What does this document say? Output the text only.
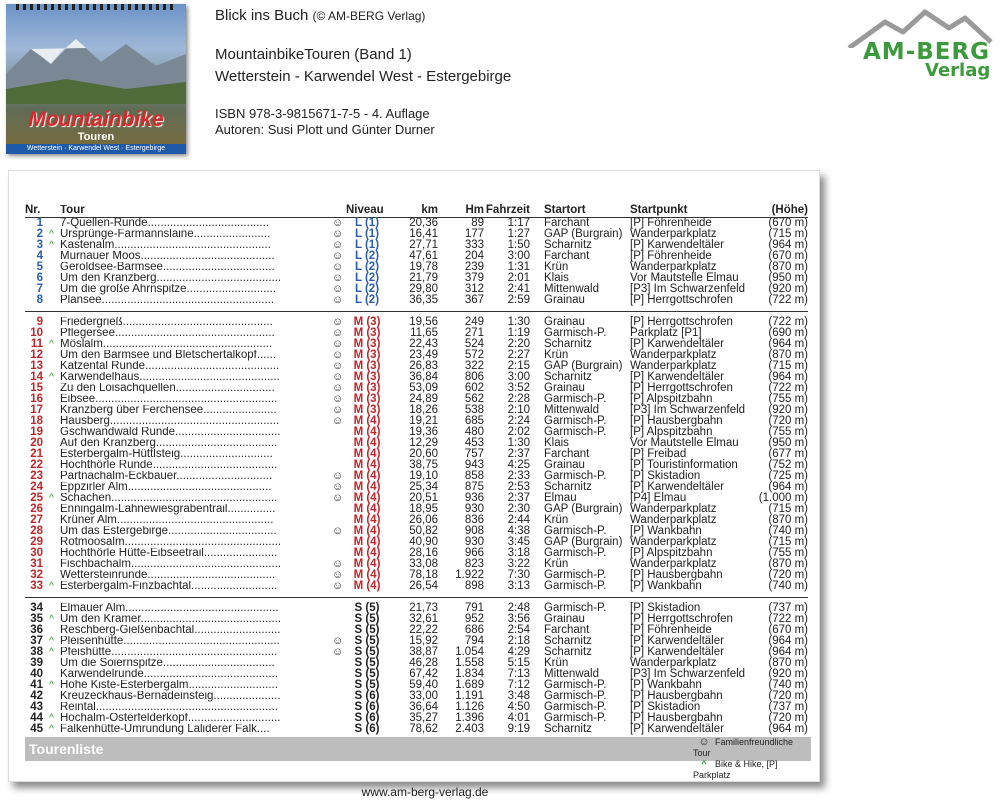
Mountainbike
Touren
Wetterstein · Karwendel West · Estergebirge
Blick ins Buch (© AM-BERG Verlag)
MountainbikeTouren (Band 1)
Wetterstein - Karwendel West - Estergebirge
ISBN 978-3-9815671-7-5 - 4. Auflage
Autoren: Susi Plott und Günter Durner
AM-BERG
Verlag
Nr.		Tour		Niveau	km	Hm	Fahrzeit		Startort	Startpunkt	(Höhe)
1		7-Quellen-Runde......................................	☺	L (1)	20,36	89	1:17		Farchant	[P] Föhrenheide	(670 m)
2	^	Ursprünge-Farmannslaine........................	☺	L (1)	16,41	177	1:27		GAP (Burgrain)	Wanderparkplatz	(715 m)
3	^	Kastenalm.................................................	☺	L (1)	27,71	333	1:50		Scharnitz	[P] Karwendeltäler	(964 m)
4		Murnauer Moos..........................................	☺	L (2)	47,61	204	3:00		Farchant	[P] Föhrenheide	(670 m)
5		Geroldsee-Barmsee...................................	☺	L (2)	19,78	239	1:31		Krün	Wanderparkplatz	(870 m)
6		Um den Kranzberg.......................................	☺	L (2)	21,79	379	2:01		Klais	Vor Mautstelle Elmau	(950 m)
7		Um die große Ahrnspitze............................	☺	L (2)	29,80	312	2:41		Mittenwald	[P3] Im Schwarzenfeld	(920 m)
8		Plansee......................................................	☺	L (2)	36,35	367	2:59		Grainau	[P] Herrgottschrofen	(722 m)

9		Friedergrieß...............................................	☺	M (3)	19,56	249	1:30		Grainau	[P] Herrgottschrofen	(722 m)
10		Pflegersee..................................................	☺	M (3)	11,65	271	1:19		Garmisch-P.	Parkplatz [P1]	(690 m)
11	^	Möslalm.....................................................	☺	M (3)	22,43	524	2:20		Scharnitz	[P] Karwendeltäler	(964 m)
12		Um den Barmsee und Bletschertalkopf......	☺	M (3)	23,49	572	2:27		Krün	Wanderparkplatz	(870 m)
13		Katzental Runde..........................................	☺	M (3)	26,83	322	2:15		GAP (Burgrain)	Wanderparkplatz	(715 m)
14	^	Karwendelhaus............................................	☺	M (3)	36,84	806	3:00		Scharnitz	[P] Karwendeltäler	(964 m)
15		Zu den Loisachquellen...............................	☺	M (3)	53,09	602	3:52		Grainau	[P] Herrgottschrofen	(722 m)
16		Eibsee.........................................................	☺	M (3)	24,89	562	2:28		Garmisch-P.	[P] Alpspitzbahn	(755 m)
17		Kranzberg über Ferchensee.......................	☺	M (3)	18,26	538	2:10		Mittenwald	[P3] Im Schwarzenfeld	(920 m)
18		Hausberg.....................................................	☺	M (4)	19,21	685	2:24		Garmisch-P.	[P] Hausbergbahn	(720 m)
19		Gschwandwald Runde.................................		M (4)	19,36	480	2:02		Garmisch-P.	[P] Alpspitzbahn	(755 m)
20		Auf den Kranzberg......................................		M (4)	12,29	453	1:30		Klais	Vor Mautstelle Elmau	(950 m)
21		Esterbergalm-Hüttlsteig.............................		M (4)	20,60	757	2:37		Farchant	[P] Freibad	(677 m)
22		Hochthörle Runde.......................................		M (4)	38,75	943	4:25		Grainau	[P] Touristinformation	(752 m)
23		Partnachalm-Eckbauer..............................	☺	M (4)	19,10	858	2:33		Garmisch-P.	[P] Skistadion	(725 m)
24		Eppzirler Alm.............................................	☺	M (4)	25,34	875	2:53		Scharnitz	[P] Karwendeltäler	(964 m)
25	^	Schachen....................................................	☺	M (4)	20,51	936	2:37		Elmau	[P4] Elmau	(1.000 m)
26		Enningalm-Lahnewiesgrabentrail...............		M (4)	18,95	930	2:30		GAP (Burgrain)	Wanderparkplatz	(715 m)
27		Krüner Alm.................................................		M (4)	26,06	836	2:44		Krün	Wanderparkplatz	(870 m)
28		Um das Estergebirge..................................	☺	M (4)	50,82	908	4:38		Garmisch-P.	[P] Wankbahn	(740 m)
29		Rotmoosalm.................................................		M (4)	40,90	930	3:45		GAP (Burgrain)	Wanderparkplatz	(715 m)
30		Hochthörle Hütte-Eibseetrail.......................		M (4)	28,16	966	3:18		Garmisch-P.	[P] Alpspitzbahn	(755 m)
31		Fischbachalm...............................................	☺	M (4)	33,08	823	3:22		Krün	Wanderparkplatz	(870 m)
32		Wettersteinrunde........................................	☺	M (4)	78,18	1.922	7:30		Garmisch-P.	[P] Hausbergbahn	(720 m)
33	^	Esterbergalm-Finzbachtal...........................	☺	M (4)	26,54	898	3:13		Garmisch-P.	[P] Wankbahn	(740 m)

34		Elmauer Alm................................................		S (5)	21,73	791	2:48		Garmisch-P.	[P] Skistadion	(737 m)
35	^	Um den Kramer............................................		S (5)	32,61	952	3:56		Grainau	[P] Herrgottschrofen	(722 m)
36		Reschberg-Gießenbachtal...........................		S (5)	22,22	686	2:54		Farchant	[P] Föhrenheide	(670 m)
37	^	Pleisenhütte.................................................	☺	S (5)	15,92	794	2:18		Scharnitz	[P] Karwendeltäler	(964 m)
38	^	Pfeishütte....................................................	☺	S (5)	38,87	1.054	4:29		Scharnitz	[P] Karwendeltäler	(964 m)
39		Um die Soiernspitze...................................		S (5)	46,28	1.558	5:15		Krün	Wanderparkplatz	(870 m)
40		Karwendelrunde..........................................		S (5)	67,42	1.834	7:13		Mittenwald	[P3] Im Schwarzenfeld	(920 m)
41	^	Hohe Kiste-Esterbergalm............................		S (5)	59,40	1.689	7:12		Garmisch-P.	[P] Wankbahn	(740 m)
42		Kreuzeckhaus-Bernadeinsteig.....................		S (6)	33,00	1.191	3:48		Garmisch-P.	[P] Hausbergbahn	(720 m)
43		Reintal.........................................................		S (6)	36,64	1.126	4:50		Garmisch-P.	[P] Skistadion	(737 m)
44	^	Hochalm-Osterfelderkopf.............................		S (6)	35,27	1.396	4:01		Garmisch-P.	[P] Hausbergbahn	(720 m)
45	^	Falkenhütte-Umrundung Laliderer Falk....		S (6)	78,62	2.403	9:19		Scharnitz	[P] Karwendeltäler	(964 m)
Tourenliste	☺ Familienfreundliche Tour
^ Bike & Hike, [P] Parkplatz
www.am-berg-verlag.de
